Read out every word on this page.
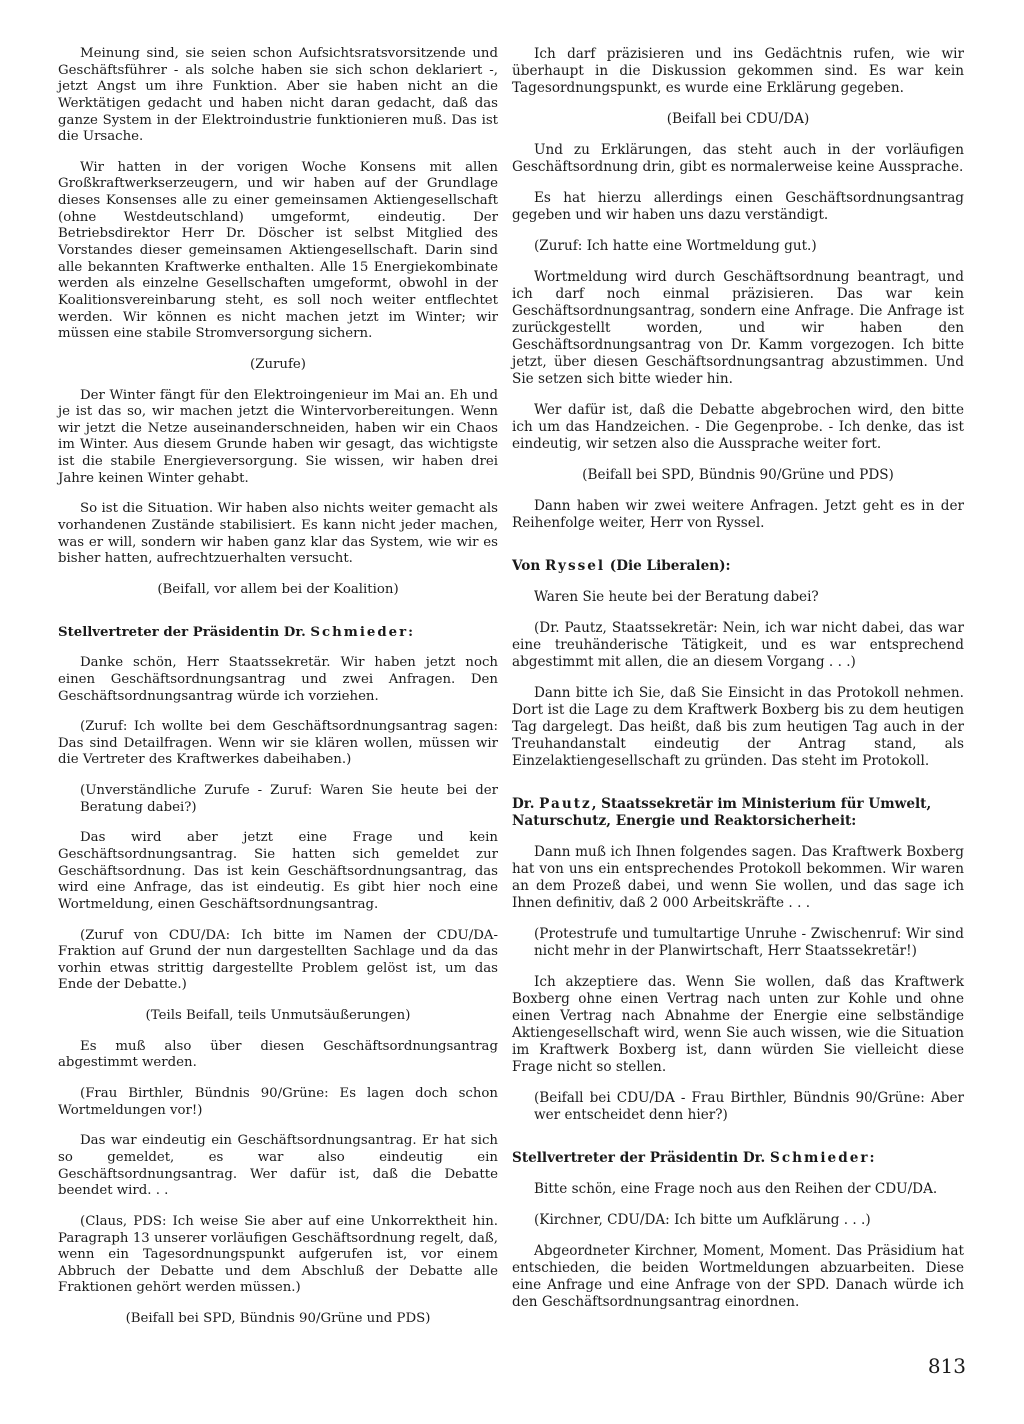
Meinung sind, sie seien schon Aufsichtsratsvorsitzende und Geschäftsführer - als solche haben sie sich schon deklariert -, jetzt Angst um ihre Funktion. Aber sie haben nicht an die Werktätigen gedacht und haben nicht daran gedacht, daß das ganze System in der Elektroindustrie funktionieren muß. Das ist die Ursache.
Wir hatten in der vorigen Woche Konsens mit allen Großkraftwerkserzeugern, und wir haben auf der Grundlage dieses Konsenses alle zu einer gemeinsamen Aktiengesellschaft (ohne Westdeutschland) umgeformt, eindeutig. Der Betriebsdirektor Herr Dr. Döscher ist selbst Mitglied des Vorstandes dieser gemeinsamen Aktiengesellschaft. Darin sind alle bekannten Kraftwerke enthalten. Alle 15 Energiekombinate werden als einzelne Gesellschaften umgeformt, obwohl in der Koalitionsvereinbarung steht, es soll noch weiter entflechtet werden. Wir können es nicht machen jetzt im Winter; wir müssen eine stabile Stromversorgung sichern.
(Zurufe)
Der Winter fängt für den Elektroingenieur im Mai an. Eh und je ist das so, wir machen jetzt die Wintervorbereitungen. Wenn wir jetzt die Netze auseinanderschneiden, haben wir ein Chaos im Winter. Aus diesem Grunde haben wir gesagt, das wichtigste ist die stabile Energieversorgung. Sie wissen, wir haben drei Jahre keinen Winter gehabt.
So ist die Situation. Wir haben also nichts weiter gemacht als vorhandenen Zustände stabilisiert. Es kann nicht jeder machen, was er will, sondern wir haben ganz klar das System, wie wir es bisher hatten, aufrechtzuerhalten versucht.
(Beifall, vor allem bei der Koalition)
Stellvertreter der Präsidentin Dr. Schmieder:
Danke schön, Herr Staatssekretär. Wir haben jetzt noch einen Geschäftsordnungsantrag und zwei Anfragen. Den Geschäftsordnungsantrag würde ich vorziehen.
(Zuruf: Ich wollte bei dem Geschäftsordnungsantrag sagen: Das sind Detailfragen. Wenn wir sie klären wollen, müssen wir die Vertreter des Kraftwerkes dabeihaben.)
(Unverständliche Zurufe - Zuruf: Waren Sie heute bei der Beratung dabei?)
Das wird aber jetzt eine Frage und kein Geschäftsordnungsantrag. Sie hatten sich gemeldet zur Geschäftsordnung. Das ist kein Geschäftsordnungsantrag, das wird eine Anfrage, das ist eindeutig. Es gibt hier noch eine Wortmeldung, einen Geschäftsordnungsantrag.
(Zuruf von CDU/DA: Ich bitte im Namen der CDU/DA-Fraktion auf Grund der nun dargestellten Sachlage und da das vorhin etwas strittig dargestellte Problem gelöst ist, um das Ende der Debatte.)
(Teils Beifall, teils Unmutsäußerungen)
Es muß also über diesen Geschäftsordnungsantrag abgestimmt werden.
(Frau Birthler, Bündnis 90/Grüne: Es lagen doch schon Wortmeldungen vor!)
Das war eindeutig ein Geschäftsordnungsantrag. Er hat sich so gemeldet, es war also eindeutig ein Geschäftsordnungsantrag. Wer dafür ist, daß die Debatte beendet wird. . .
(Claus, PDS: Ich weise Sie aber auf eine Unkorrektheit hin. Paragraph 13 unserer vorläufigen Geschäftsordnung regelt, daß, wenn ein Tagesordnungspunkt aufgerufen ist, vor einem Abbruch der Debatte und dem Abschluß der Debatte alle Fraktionen gehört werden müssen.)
(Beifall bei SPD, Bündnis 90/Grüne und PDS)
Ich darf präzisieren und ins Gedächtnis rufen, wie wir überhaupt in die Diskussion gekommen sind. Es war kein Tagesordnungspunkt, es wurde eine Erklärung gegeben.
(Beifall bei CDU/DA)
Und zu Erklärungen, das steht auch in der vorläufigen Geschäftsordnung drin, gibt es normalerweise keine Aussprache.
Es hat hierzu allerdings einen Geschäftsordnungsantrag gegeben und wir haben uns dazu verständigt.
(Zuruf: Ich hatte eine Wortmeldung gut.)
Wortmeldung wird durch Geschäftsordnung beantragt, und ich darf noch einmal präzisieren. Das war kein Geschäftsordnungsantrag, sondern eine Anfrage. Die Anfrage ist zurückgestellt worden, und wir haben den Geschäftsordnungsantrag von Dr. Kamm vorgezogen. Ich bitte jetzt, über diesen Geschäftsordnungsantrag abzustimmen. Und Sie setzen sich bitte wieder hin.
Wer dafür ist, daß die Debatte abgebrochen wird, den bitte ich um das Handzeichen. - Die Gegenprobe. - Ich denke, das ist eindeutig, wir setzen also die Aussprache weiter fort.
(Beifall bei SPD, Bündnis 90/Grüne und PDS)
Dann haben wir zwei weitere Anfragen. Jetzt geht es in der Reihenfolge weiter, Herr von Ryssel.
Von Ryssel (Die Liberalen):
Waren Sie heute bei der Beratung dabei?
(Dr. Pautz, Staatssekretär: Nein, ich war nicht dabei, das war eine treuhänderische Tätigkeit, und es war entsprechend abgestimmt mit allen, die an diesem Vorgang . . .)
Dann bitte ich Sie, daß Sie Einsicht in das Protokoll nehmen. Dort ist die Lage zu dem Kraftwerk Boxberg bis zu dem heutigen Tag dargelegt. Das heißt, daß bis zum heutigen Tag auch in der Treuhandanstalt eindeutig der Antrag stand, als Einzelaktiengesellschaft zu gründen. Das steht im Protokoll.
Dr. Pautz, Staatssekretär im Ministerium für Umwelt, Naturschutz, Energie und Reaktorsicherheit:
Dann muß ich Ihnen folgendes sagen. Das Kraftwerk Boxberg hat von uns ein entsprechendes Protokoll bekommen. Wir waren an dem Prozeß dabei, und wenn Sie wollen, und das sage ich Ihnen definitiv, daß 2 000 Arbeitskräfte . . .
(Protestrufe und tumultartige Unruhe - Zwischenruf: Wir sind nicht mehr in der Planwirtschaft, Herr Staatssekretär!)
Ich akzeptiere das. Wenn Sie wollen, daß das Kraftwerk Boxberg ohne einen Vertrag nach unten zur Kohle und ohne einen Vertrag nach Abnahme der Energie eine selbständige Aktiengesellschaft wird, wenn Sie auch wissen, wie die Situation im Kraftwerk Boxberg ist, dann würden Sie vielleicht diese Frage nicht so stellen.
(Beifall bei CDU/DA - Frau Birthler, Bündnis 90/Grüne: Aber wer entscheidet denn hier?)
Stellvertreter der Präsidentin Dr. Schmieder:
Bitte schön, eine Frage noch aus den Reihen der CDU/DA.
(Kirchner, CDU/DA: Ich bitte um Aufklärung . . .)
Abgeordneter Kirchner, Moment, Moment. Das Präsidium hat entschieden, die beiden Wortmeldungen abzuarbeiten. Diese eine Anfrage und eine Anfrage von der SPD. Danach würde ich den Geschäftsordnungsantrag einordnen.
813
